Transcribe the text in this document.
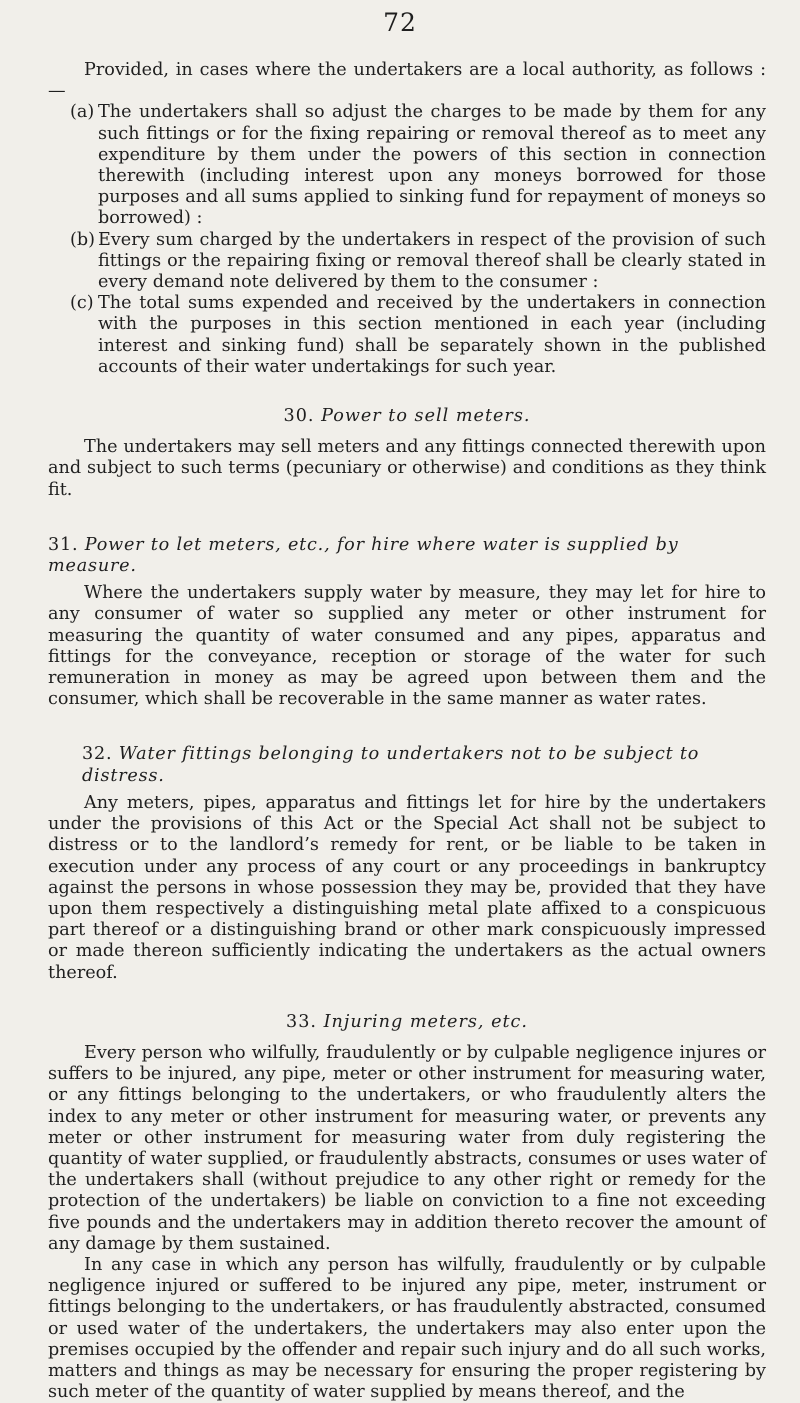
72

Provided, in cases where the undertakers are a local authority, as follows :—

(a) The undertakers shall so adjust the charges to be made by them for any such fittings or for the fixing repairing or removal thereof as to meet any expenditure by them under the powers of this section in connection therewith (including interest upon any moneys borrowed for those purposes and all sums applied to sinking fund for repayment of moneys so borrowed) :
(b) Every sum charged by the undertakers in respect of the provision of such fittings or the repairing fixing or removal thereof shall be clearly stated in every demand note delivered by them to the consumer :
(c) The total sums expended and received by the undertakers in connection with the purposes in this section mentioned in each year (including interest and sinking fund) shall be separately shown in the published accounts of their water undertakings for such year.
30. Power to sell meters.

The undertakers may sell meters and any fittings connected therewith upon and subject to such terms (pecuniary or otherwise) and conditions as they think fit.

31. Power to let meters, etc., for hire where water is supplied by measure.

Where the undertakers supply water by measure, they may let for hire to any consumer of water so supplied any meter or other instrument for measuring the quantity of water consumed and any pipes, apparatus and fittings for the conveyance, reception or storage of the water for such remuneration in money as may be agreed upon between them and the consumer, which shall be recoverable in the same manner as water rates.

32. Water fittings belonging to undertakers not to be subject to distress.

Any meters, pipes, apparatus and fittings let for hire by the undertakers under the provisions of this Act or the Special Act shall not be subject to distress or to the landlord’s remedy for rent, or be liable to be taken in execution under any process of any court or any proceedings in bankruptcy against the persons in whose possession they may be, provided that they have upon them respectively a distinguishing metal plate affixed to a conspicuous part thereof or a distinguishing brand or other mark conspicuously impressed or made thereon sufficiently indicating the undertakers as the actual owners thereof.

33. Injuring meters, etc.

Every person who wilfully, fraudulently or by culpable negligence injures or suffers to be injured, any pipe, meter or other instrument for measuring water, or any fittings belonging to the undertakers, or who fraudulently alters the index to any meter or other instrument for measuring water, or prevents any meter or other instrument for measuring water from duly registering the quantity of water supplied, or fraudulently abstracts, consumes or uses water of the undertakers shall (without prejudice to any other right or remedy for the protection of the undertakers) be liable on conviction to a fine not exceeding five pounds and the undertakers may in addition thereto recover the amount of any damage by them sustained.

In any case in which any person has wilfully, fraudulently or by culpable negligence injured or suffered to be injured any pipe, meter, instrument or fittings belonging to the undertakers, or has fraudulently abstracted, consumed or used water of the undertakers, the undertakers may also enter upon the premises occupied by the offender and repair such injury and do all such works, matters and things as may be necessary for ensuring the proper registering by such meter of the quantity of water supplied by means thereof, and the
